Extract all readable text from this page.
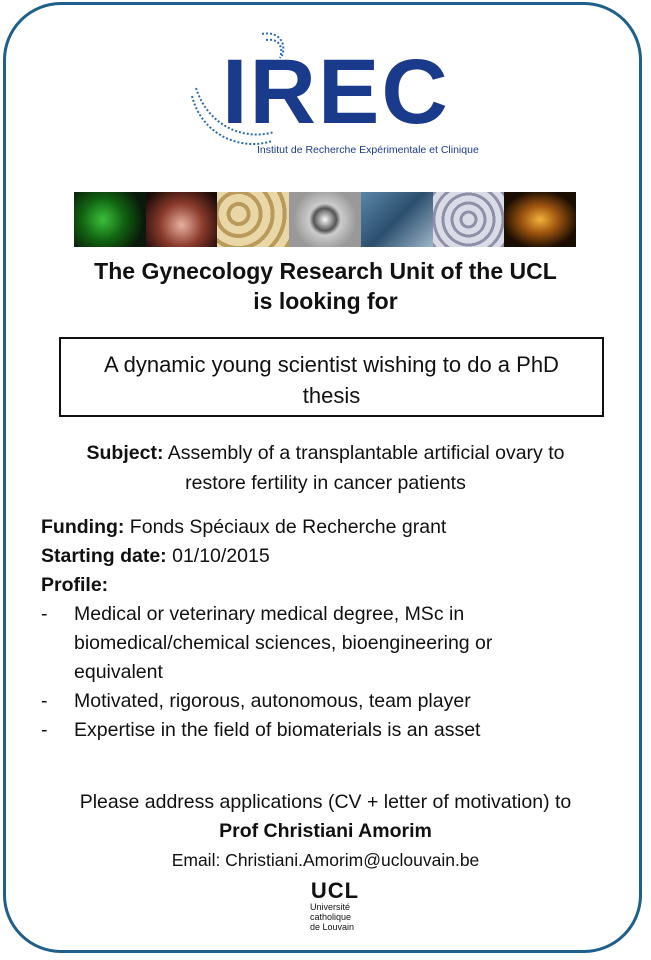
IREC
Institut de Recherche Expérimentale et Clinique
The Gynecology Research Unit of the UCL
is looking for
A dynamic young scientist wishing to do a PhD
thesis
Subject: Assembly of a transplantable artificial ovary to
restore fertility in cancer patients
Funding: Fonds Spéciaux de Recherche grant
Starting date: 01/10/2015
Profile:
- Medical or veterinary medical degree, MSc in
biomedical/chemical sciences, bioengineering or
equivalent
- Motivated, rigorous, autonomous, team player
- Expertise in the field of biomaterials is an asset
Please address applications (CV + letter of motivation) to
Prof Christiani Amorim
Email: Christiani.Amorim@uclouvain.be
UCL
Université
catholique
de Louvain
